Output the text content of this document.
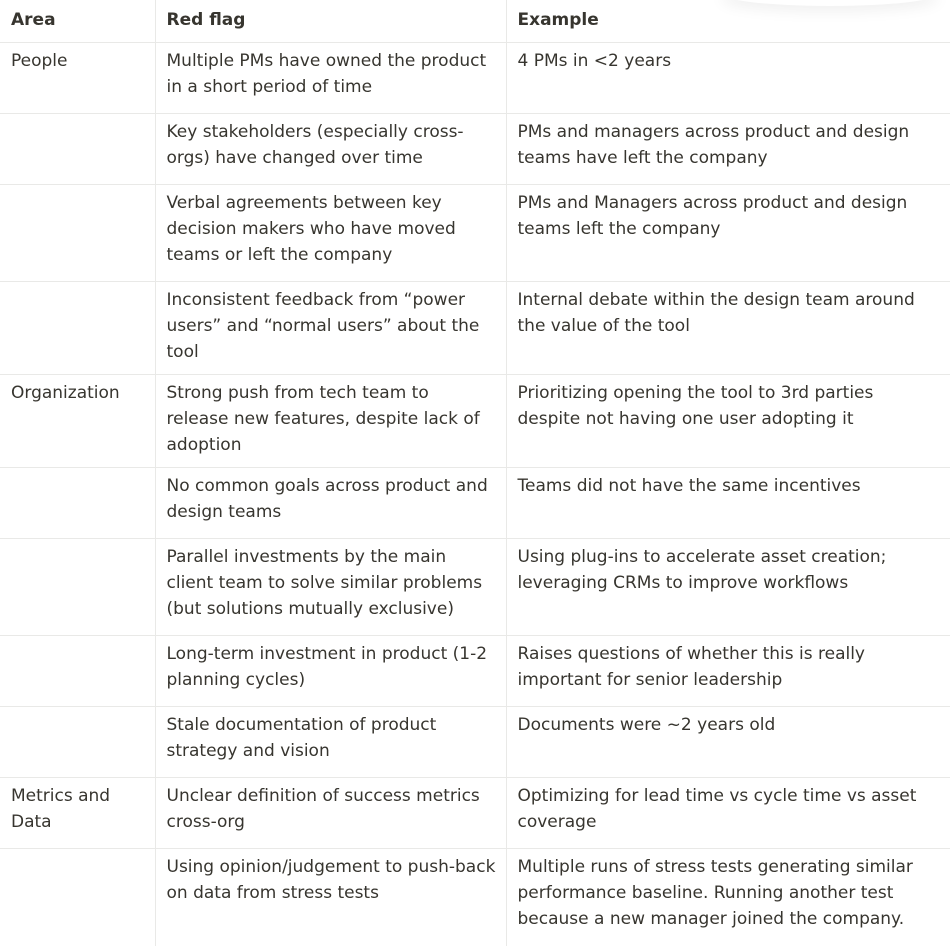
Area	Red flag	Example
People	Multiple PMs have owned the product in a short period of time	4 PMs in <2 years
	Key stakeholders (especially cross-orgs) have changed over time	PMs and managers across product and design teams have left the company
	Verbal agreements between key decision makers who have moved teams or left the company	PMs and Managers across product and design teams left the company
	Inconsistent feedback from “power users” and “normal users” about the tool	Internal debate within the design team around the value of the tool
Organization	Strong push from tech team to release new features, despite lack of adoption	Prioritizing opening the tool to 3rd parties despite not having one user adopting it
	No common goals across product and design teams	Teams did not have the same incentives
	Parallel investments by the main client team to solve similar problems (but solutions mutually exclusive)	Using plug-ins to accelerate asset creation; leveraging CRMs to improve workflows
	Long-term investment in product (1-2 planning cycles)	Raises questions of whether this is really important for senior leadership
	Stale documentation of product strategy and vision	Documents were ~2 years old
Metrics and Data	Unclear definition of success metrics cross-org	Optimizing for lead time vs cycle time vs asset coverage
	Using opinion/judgement to push-back on data from stress tests	Multiple runs of stress tests generating similar performance baseline. Running another test because a new manager joined the company.
